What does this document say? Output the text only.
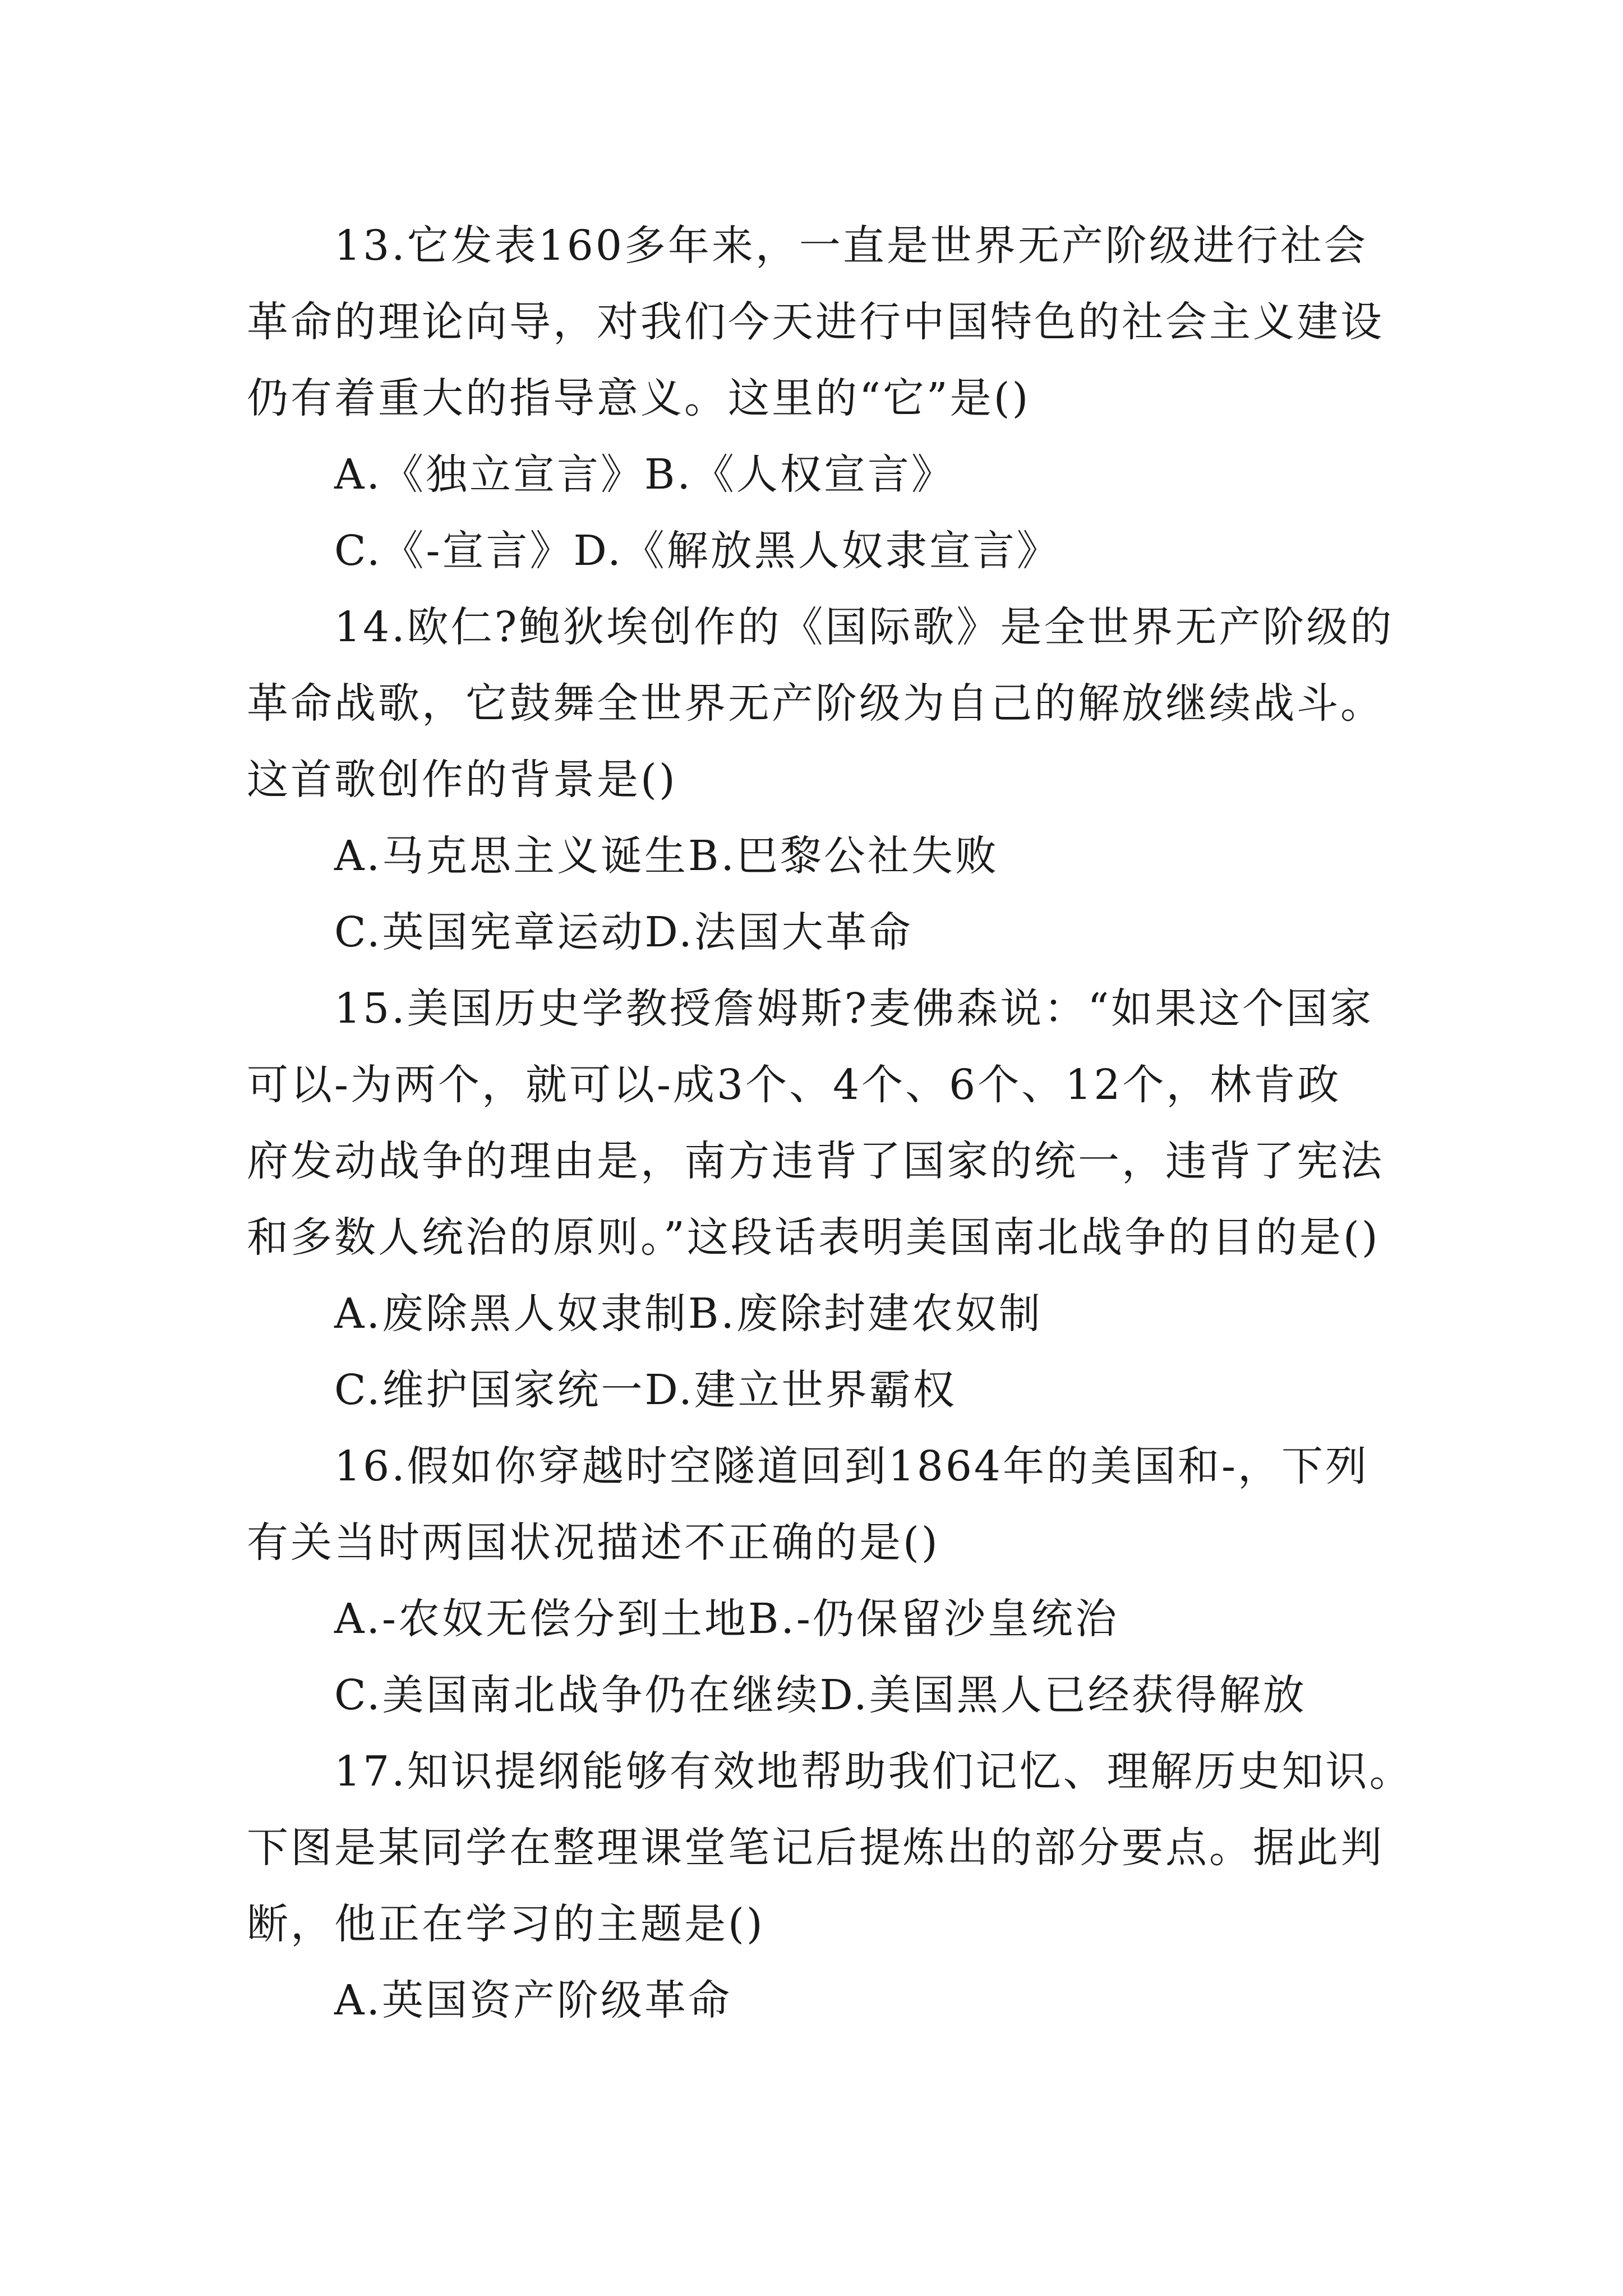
13.它发表160多年来，一直是世界无产阶级进行社会
革命的理论向导，对我们今天进行中国特色的社会主义建设
仍有着重大的指导意义。这里的“它”是()
A.《独立宣言》B.《人权宣言》
C.《-宣言》D.《解放黑人奴隶宣言》
14.欧仁?鲍狄埃创作的《国际歌》是全世界无产阶级的
革命战歌，它鼓舞全世界无产阶级为自己的解放继续战斗。
这首歌创作的背景是()
A.马克思主义诞生B.巴黎公社失败
C.英国宪章运动D.法国大革命
15.美国历史学教授詹姆斯?麦佛森说：“如果这个国家
可以-为两个，就可以-成3个、4个、6个、12个，林肯政
府发动战争的理由是，南方违背了国家的统一，违背了宪法
和多数人统治的原则。”这段话表明美国南北战争的目的是()
A.废除黑人奴隶制B.废除封建农奴制
C.维护国家统一D.建立世界霸权
16.假如你穿越时空隧道回到1864年的美国和-，下列
有关当时两国状况描述不正确的是()
A.-农奴无偿分到土地B.-仍保留沙皇统治
C.美国南北战争仍在继续D.美国黑人已经获得解放
17.知识提纲能够有效地帮助我们记忆、理解历史知识。
下图是某同学在整理课堂笔记后提炼出的部分要点。据此判
断，他正在学习的主题是()
A.英国资产阶级革命
